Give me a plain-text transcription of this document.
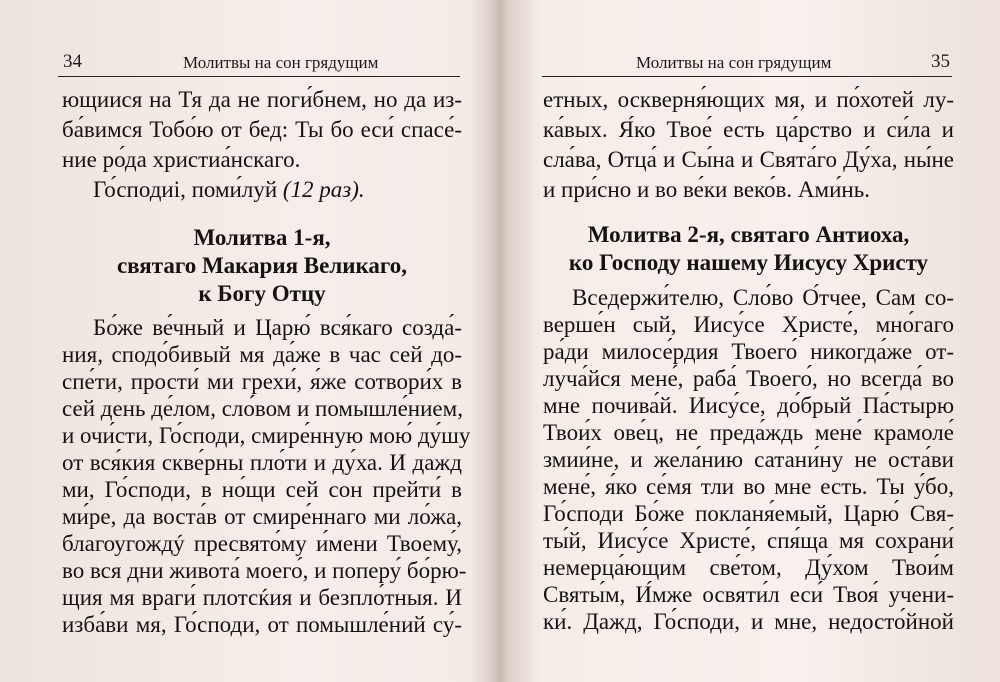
34	Молитвы на сон грядущим
ющиися на Тя да не поги́бнем, но да из-
ба́вимся Тобо́ю от бед: Ты бо еси́ спасе́-
ние ро́да христиа́нскаго.
Го́сподиi, поми́луй (12 раз).
Молитва 1-я,
святаго Макария Великаго,
к Богу Отцу
Бо́же ве́чный и Царю́ вся́каго созда́-
ния, сподо́бивый мя да́же в час сей до-
спе́ти, прости́ ми грехи́, я́же сотвори́х в
сей день де́лом, сло́вом и помышле́нием,
и очи́сти, Го́споди, смире́нную мою́ ду́шу
от вся́кия скве́рны пло́ти и ду́ха. И дажд
ми, Го́споди, в но́щи сей сон прейти́ в
ми́ре, да воста́в от смире́ннаго ми ло́жа,
благоугождý пресвято́му и́мени Твоему́,
во вся дни живота́ моего́, и поперу́ бо́рю-
щия мя враги́ плотсќия и безпло́тныя. И
изба́ви мя, Го́споди, от помышле́ний су́-
Молитвы на сон грядущим	35
етных, оскверня́ющих мя, и по́хотей лу-
ка́вых. Я́ко Твое́ есть ца́рство и си́ла и
сла́ва, Отца́ и Сы́на и Свята́го Ду́ха, ны́не
и при́сно и во ве́ки веко́в. Ами́нь.
Молитва 2-я, святаго Антиоха,
ко Господу нашему Иисусу Христу
Вседержи́телю, Сло́во О́тчее, Сам со-
верше́н сый, Иису́се Христе́, мно́гаго
ра́ди милосе́рдия Твоего́ никогда́же от-
луча́йся мене́, раба́ Твоего́, но всегда́ во
мне почива́й. Иису́се, до́брый Па́стырю
Твои́х ове́ц, не преда́ждь мене́ крамоле́
змии́не, и жела́нию сатани́ну не оста́ви
мене́, я́ко се́мя тли во мне есть. Ты у́бо,
Го́споди Бо́же покланя́емый, Царю́ Свя-
ты́й, Иису́се Христе́, спя́ща мя сохрани́
немерца́ющим све́том, Ду́хом Твои́м
Святы́м, И́мже освяти́л еси́ Твоя́ учени-
ки́. Дажд, Го́споди, и мне, недосто́йной
